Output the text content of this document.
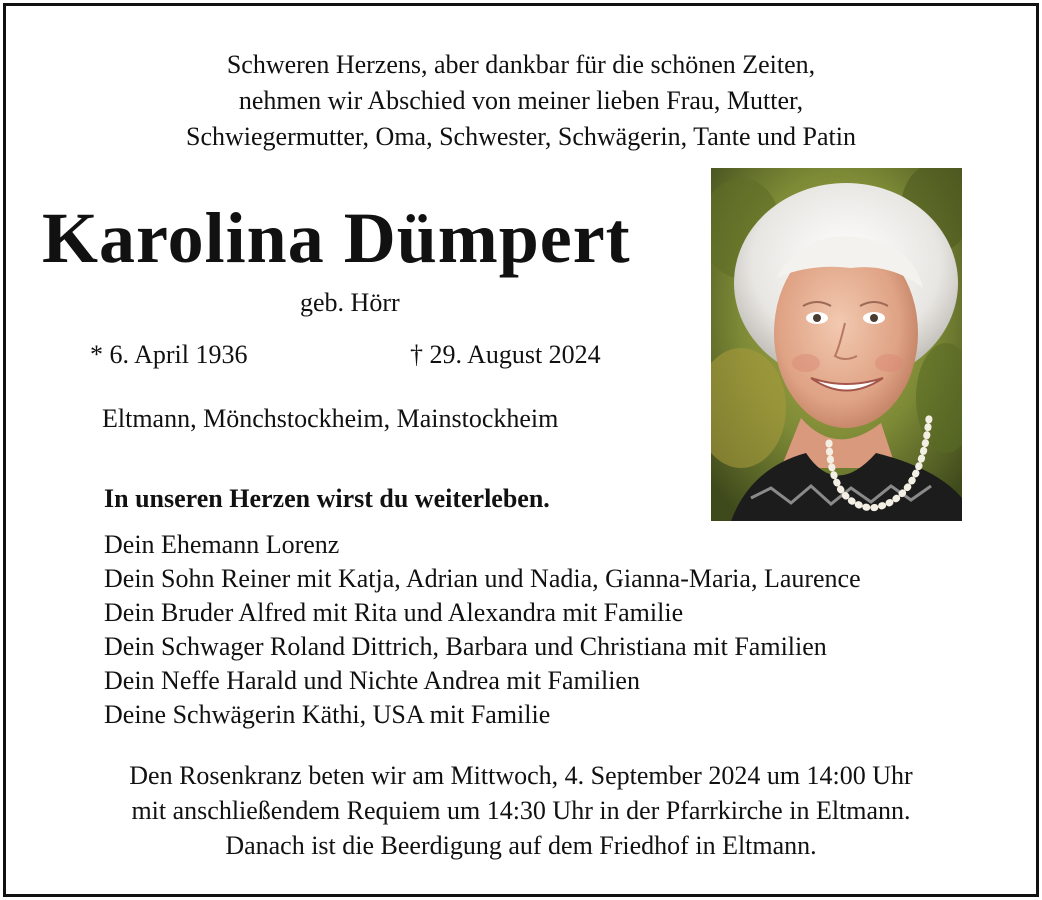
Schweren Herzens, aber dankbar für die schönen Zeiten,
nehmen wir Abschied von meiner lieben Frau, Mutter,
Schwiegermutter, Oma, Schwester, Schwägerin, Tante und Patin
Karolina Dümpert
geb. Hörr
* 6. April 1936	† 29. August 2024
Eltmann, Mönchstockheim, Mainstockheim
In unseren Herzen wirst du weiterleben.
Dein Ehemann Lorenz
Dein Sohn Reiner mit Katja, Adrian und Nadia, Gianna-Maria, Laurence
Dein Bruder Alfred mit Rita und Alexandra mit Familie
Dein Schwager Roland Dittrich, Barbara und Christiana mit Familien
Dein Neffe Harald und Nichte Andrea mit Familien
Deine Schwägerin Käthi, USA mit Familie
Den Rosenkranz beten wir am Mittwoch, 4. September 2024 um 14:00 Uhr
mit anschließendem Requiem um 14:30 Uhr in der Pfarrkirche in Eltmann.
Danach ist die Beerdigung auf dem Friedhof in Eltmann.
